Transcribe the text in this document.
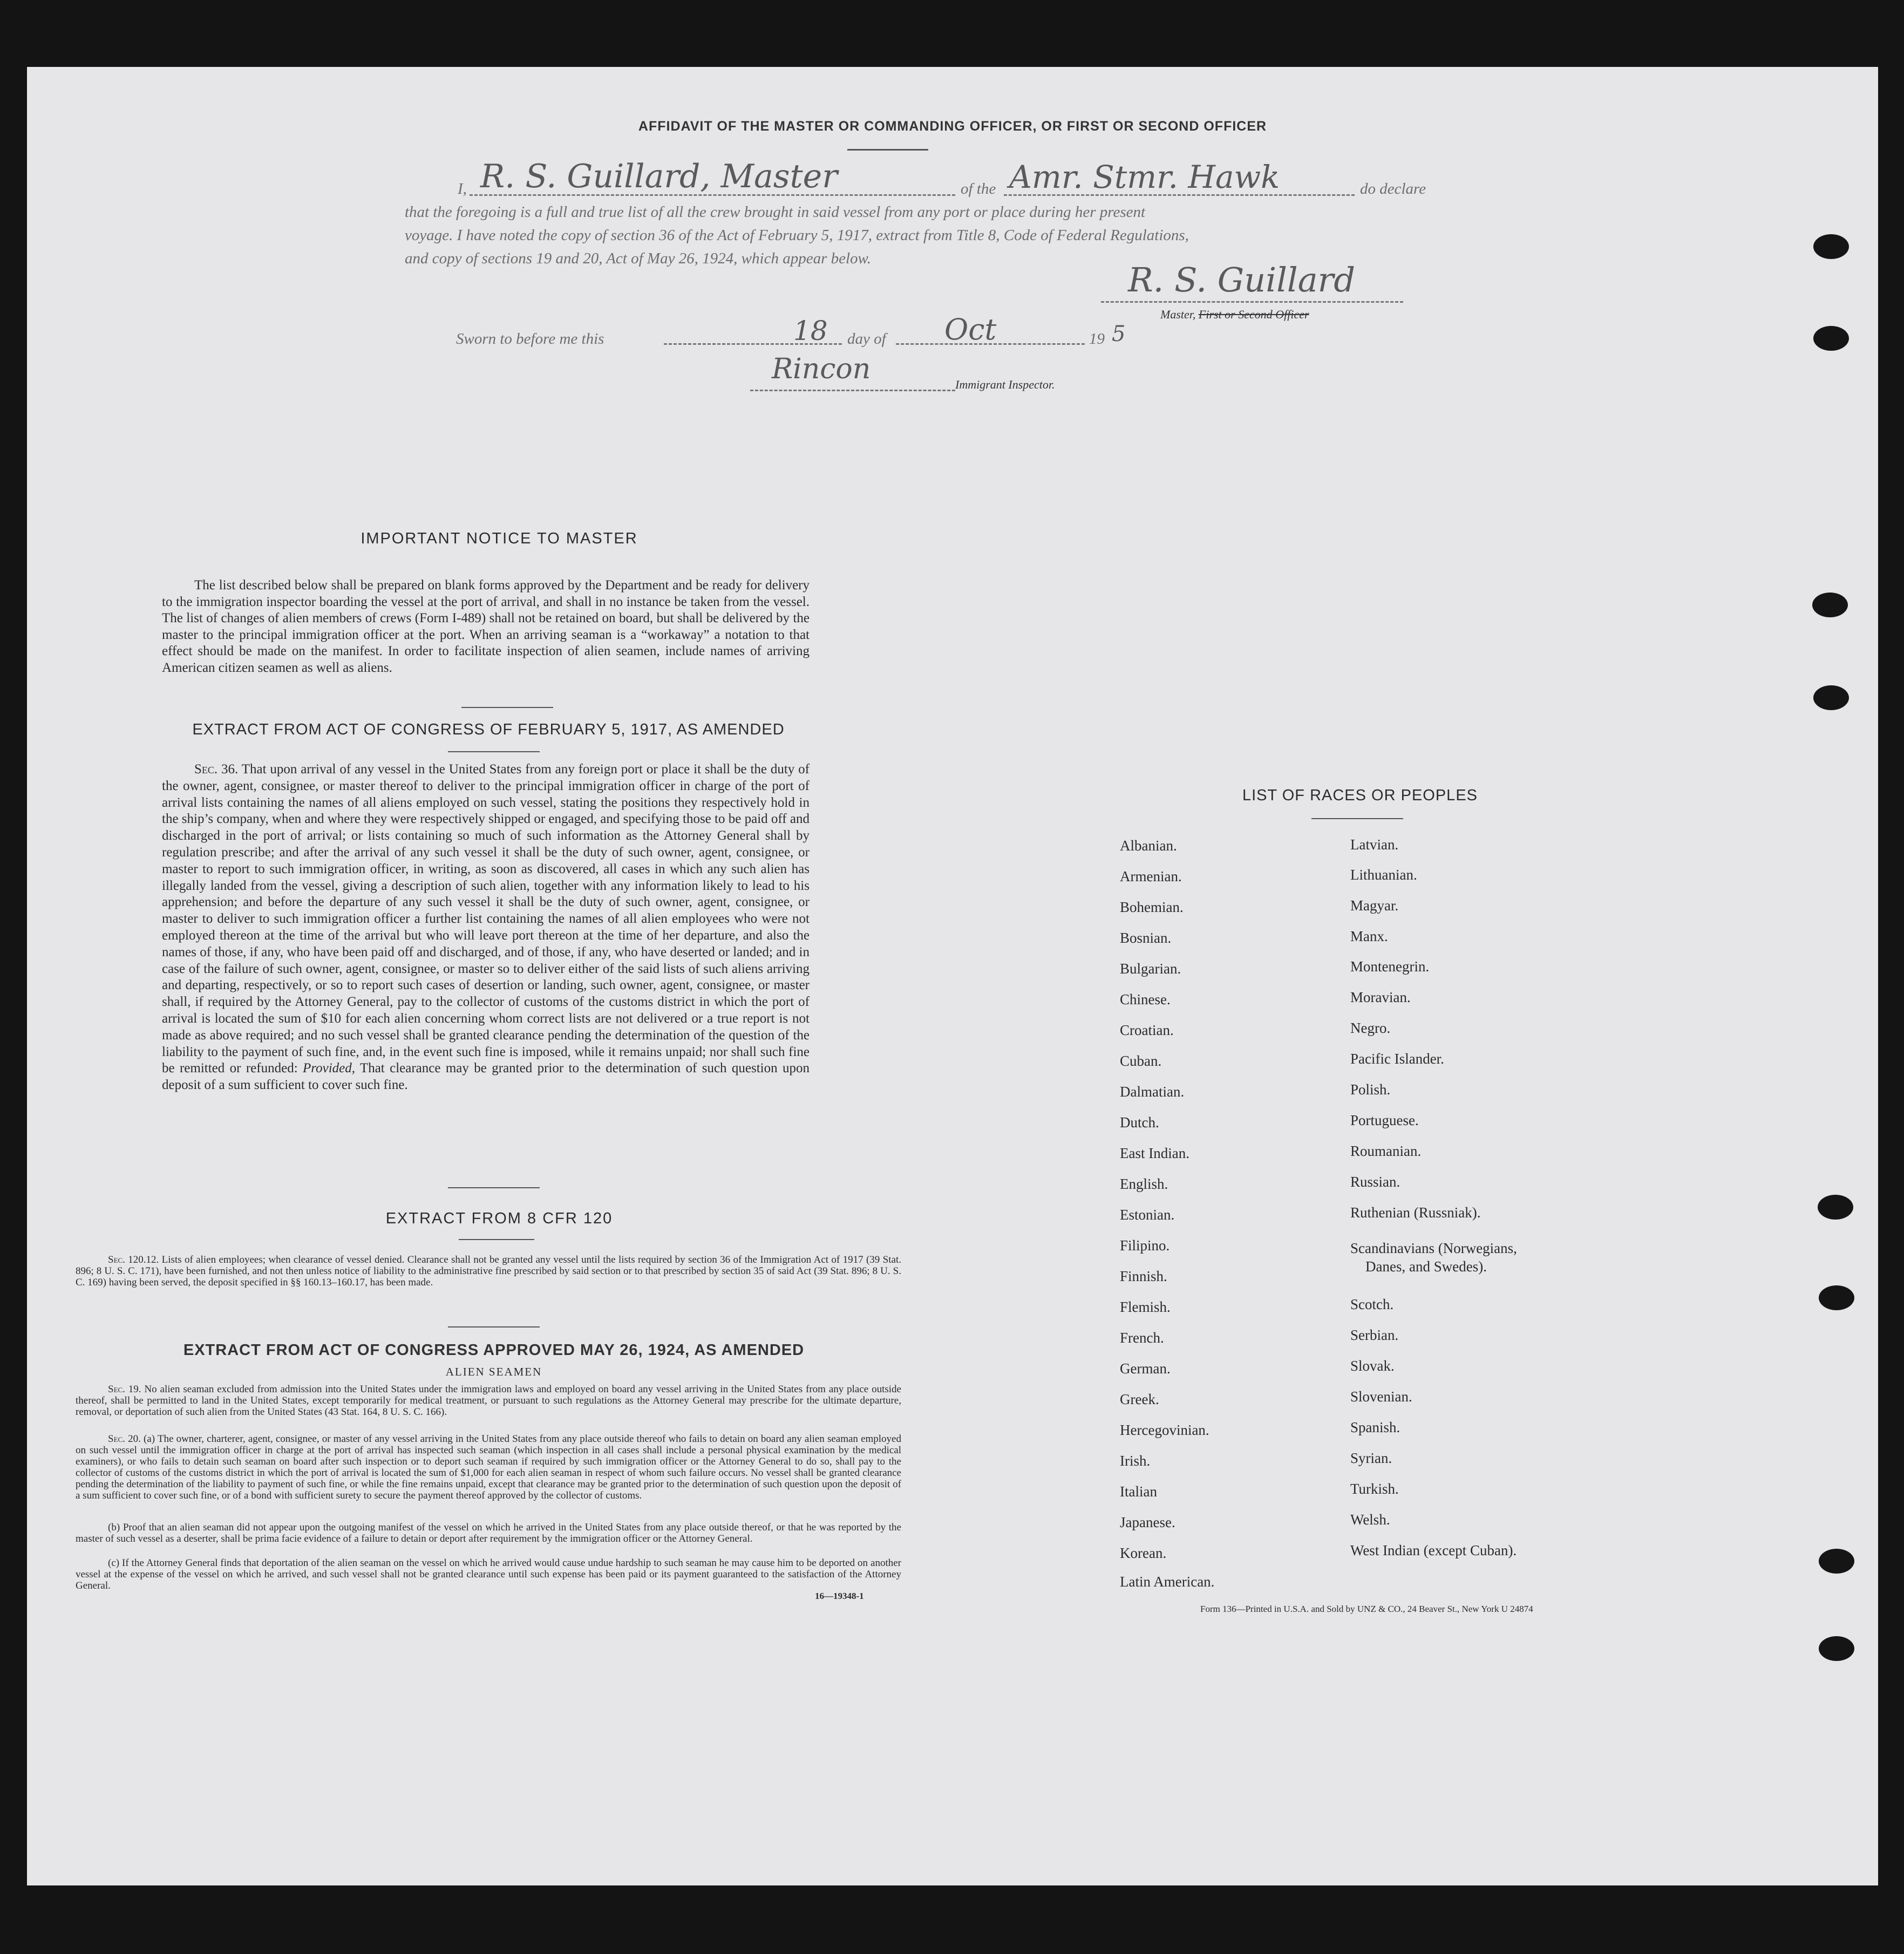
AFFIDAVIT OF THE MASTER OR COMMANDING OFFICER, OR FIRST OR SECOND OFFICER
I, R. S. Guillard, Master	of the Amr. Stmr. Hawk	do declare
that the foregoing is a full and true list of all the crew brought in said vessel from any port or place during her present
voyage. I have noted the copy of section 36 of the Act of February 5, 1917, extract from Title 8, Code of Federal Regulations,
and copy of sections 19 and 20, Act of May 26, 1924, which appear below.
R. S. Guillard
Master, First or Second Officer
Sworn to before me this	18 day of Oct	19 5
Rincon	Immigrant Inspector.
IMPORTANT NOTICE TO MASTER

The list described below shall be prepared on blank forms approved by the Department and be ready for delivery to the immigration inspector boarding the vessel at the port of arrival, and shall in no instance be taken from the vessel. The list of changes of alien members of crews (Form I-489) shall not be retained on board, but shall be delivered by the master to the principal immigration officer at the port. When an arriving seaman is a “workaway” a notation to that effect should be made on the manifest. In order to facilitate inspection of alien seamen, include names of arriving American citizen seamen as well as aliens.

EXTRACT FROM ACT OF CONGRESS OF FEBRUARY 5, 1917, AS AMENDED

Sec. 36. That upon arrival of any vessel in the United States from any foreign port or place it shall be the duty of the owner, agent, consignee, or master thereof to deliver to the principal immigration officer in charge of the port of arrival lists containing the names of all aliens employed on such vessel, stating the positions they respectively hold in the ship’s company, when and where they were respectively shipped or engaged, and specifying those to be paid off and discharged in the port of arrival; or lists containing so much of such information as the Attorney General shall by regulation prescribe; and after the arrival of any such vessel it shall be the duty of such owner, agent, consignee, or master to report to such immigration officer, in writing, as soon as discovered, all cases in which any such alien has illegally landed from the vessel, giving a description of such alien, together with any information likely to lead to his apprehension; and before the departure of any such vessel it shall be the duty of such owner, agent, consignee, or master to deliver to such immigration officer a further list containing the names of all alien employees who were not employed thereon at the time of the arrival but who will leave port thereon at the time of her departure, and also the names of those, if any, who have been paid off and discharged, and of those, if any, who have deserted or landed; and in case of the failure of such owner, agent, consignee, or master so to deliver either of the said lists of such aliens arriving and departing, respectively, or so to report such cases of desertion or landing, such owner, agent, consignee, or master shall, if required by the Attorney General, pay to the collector of customs of the customs district in which the port of arrival is located the sum of $10 for each alien concerning whom correct lists are not delivered or a true report is not made as above required; and no such vessel shall be granted clearance pending the determination of the question of the liability to the payment of such fine, and, in the event such fine is imposed, while it remains unpaid; nor shall such fine be remitted or refunded: Provided, That clearance may be granted prior to the determination of such question upon deposit of a sum sufficient to cover such fine.

EXTRACT FROM 8 CFR 120

Sec. 120.12. Lists of alien employees; when clearance of vessel denied. Clearance shall not be granted any vessel until the lists required by section 36 of the Immigration Act of 1917 (39 Stat. 896; 8 U. S. C. 171), have been furnished, and not then unless notice of liability to the administrative fine prescribed by said section or to that prescribed by section 35 of said Act (39 Stat. 896; 8 U. S. C. 169) having been served, the deposit specified in §§ 160.13–160.17, has been made.

EXTRACT FROM ACT OF CONGRESS APPROVED MAY 26, 1924, AS AMENDED
ALIEN SEAMEN

Sec. 19. No alien seaman excluded from admission into the United States under the immigration laws and employed on board any vessel arriving in the United States from any place outside thereof, shall be permitted to land in the United States, except temporarily for medical treatment, or pursuant to such regulations as the Attorney General may prescribe for the ultimate departure, removal, or deportation of such alien from the United States (43 Stat. 164, 8 U. S. C. 166).

Sec. 20. (a) The owner, charterer, agent, consignee, or master of any vessel arriving in the United States from any place outside thereof who fails to detain on board any alien seaman employed on such vessel until the immigration officer in charge at the port of arrival has inspected such seaman (which inspection in all cases shall include a personal physical examination by the medical examiners), or who fails to detain such seaman on board after such inspection or to deport such seaman if required by such immigration officer or the Attorney General to do so, shall pay to the collector of customs of the customs district in which the port of arrival is located the sum of $1,000 for each alien seaman in respect of whom such failure occurs. No vessel shall be granted clearance pending the determination of the liability to payment of such fine, or while the fine remains unpaid, except that clearance may be granted prior to the determination of such question upon the deposit of a sum sufficient to cover such fine, or of a bond with sufficient surety to secure the payment thereof approved by the collector of customs.

(b) Proof that an alien seaman did not appear upon the outgoing manifest of the vessel on which he arrived in the United States from any place outside thereof, or that he was reported by the master of such vessel as a deserter, shall be prima facie evidence of a failure to detain or deport after requirement by the immigration officer or the Attorney General.

(c) If the Attorney General finds that deportation of the alien seaman on the vessel on which he arrived would cause undue hardship to such seaman he may cause him to be deported on another vessel at the expense of the vessel on which he arrived, and such vessel shall not be granted clearance until such expense has been paid or its payment guaranteed to the satisfaction of the Attorney General.

16—19348-1
LIST OF RACES OR PEOPLES
Albanian.
Armenian.
Bohemian.
Bosnian.
Bulgarian.
Chinese.
Croatian.
Cuban.
Dalmatian.
Dutch.
East Indian.
English.
Estonian.
Filipino.
Finnish.
Flemish.
French.
German.
Greek.
Hercegovinian.
Irish.
Italian
Japanese.
Korean.
Latin American.
Latvian.
Lithuanian.
Magyar.
Manx.
Montenegrin.
Moravian.
Negro.
Pacific Islander.
Polish.
Portuguese.
Roumanian.
Russian.
Ruthenian (Russniak).
Scandinavians (Norwegians,
Danes, and Swedes).
Scotch.
Serbian.
Slovak.
Slovenian.
Spanish.
Syrian.
Turkish.
Welsh.
West Indian (except Cuban).
Form 136—Printed in U.S.A. and Sold by UNZ & CO., 24 Beaver St., New York U 24874
